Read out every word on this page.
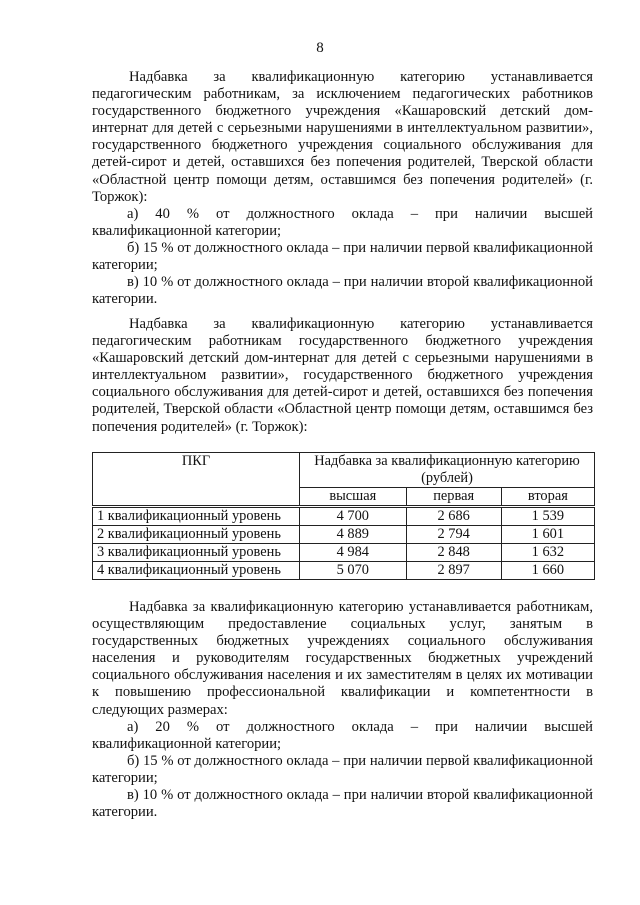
8

Надбавка за квалификационную категорию устанавливается педагогическим работникам, за исключением педагогических работников государственного бюджетного учреждения «Кашаровский детский дом-интернат для детей с серьезными нарушениями в интеллектуальном развитии», государственного бюджетного учреждения социального обслуживания для детей-сирот и детей, оставшихся без попечения родителей, Тверской области «Областной центр помощи детям, оставшимся без попечения родителей» (г. Торжок):

а) 40 % от должностного оклада – при наличии высшей квалификационной категории;

б) 15 % от должностного оклада – при наличии первой квалификационной категории;

в) 10 % от должностного оклада – при наличии второй квалификационной категории.

Надбавка за квалификационную категорию устанавливается педагогическим работникам государственного бюджетного учреждения «Кашаровский детский дом-интернат для детей с серьезными нарушениями в интеллектуальном развитии», государственного бюджетного учреждения социального обслуживания для детей-сирот и детей, оставшихся без попечения родителей, Тверской области «Областной центр помощи детям, оставшимся без попечения родителей» (г. Торжок):

ПКГ	Надбавка за квалификационную категорию (рублей)		
	высшая	первая	вторая
1 квалификационный уровень	4 700	2 686	1 539
2 квалификационный уровень	4 889	2 794	1 601
3 квалификационный уровень	4 984	2 848	1 632
4 квалификационный уровень	5 070	2 897	1 660

Надбавка за квалификационную категорию устанавливается работникам, осуществляющим предоставление социальных услуг, занятым в государственных бюджетных учреждениях социального обслуживания населения и руководителям государственных бюджетных учреждений социального обслуживания населения и их заместителям в целях их мотивации к повышению профессиональной квалификации и компетентности в следующих размерах:

а) 20 % от должностного оклада – при наличии высшей квалификационной категории;

б) 15 % от должностного оклада – при наличии первой квалификационной категории;

в) 10 % от должностного оклада – при наличии второй квалификационной категории.
